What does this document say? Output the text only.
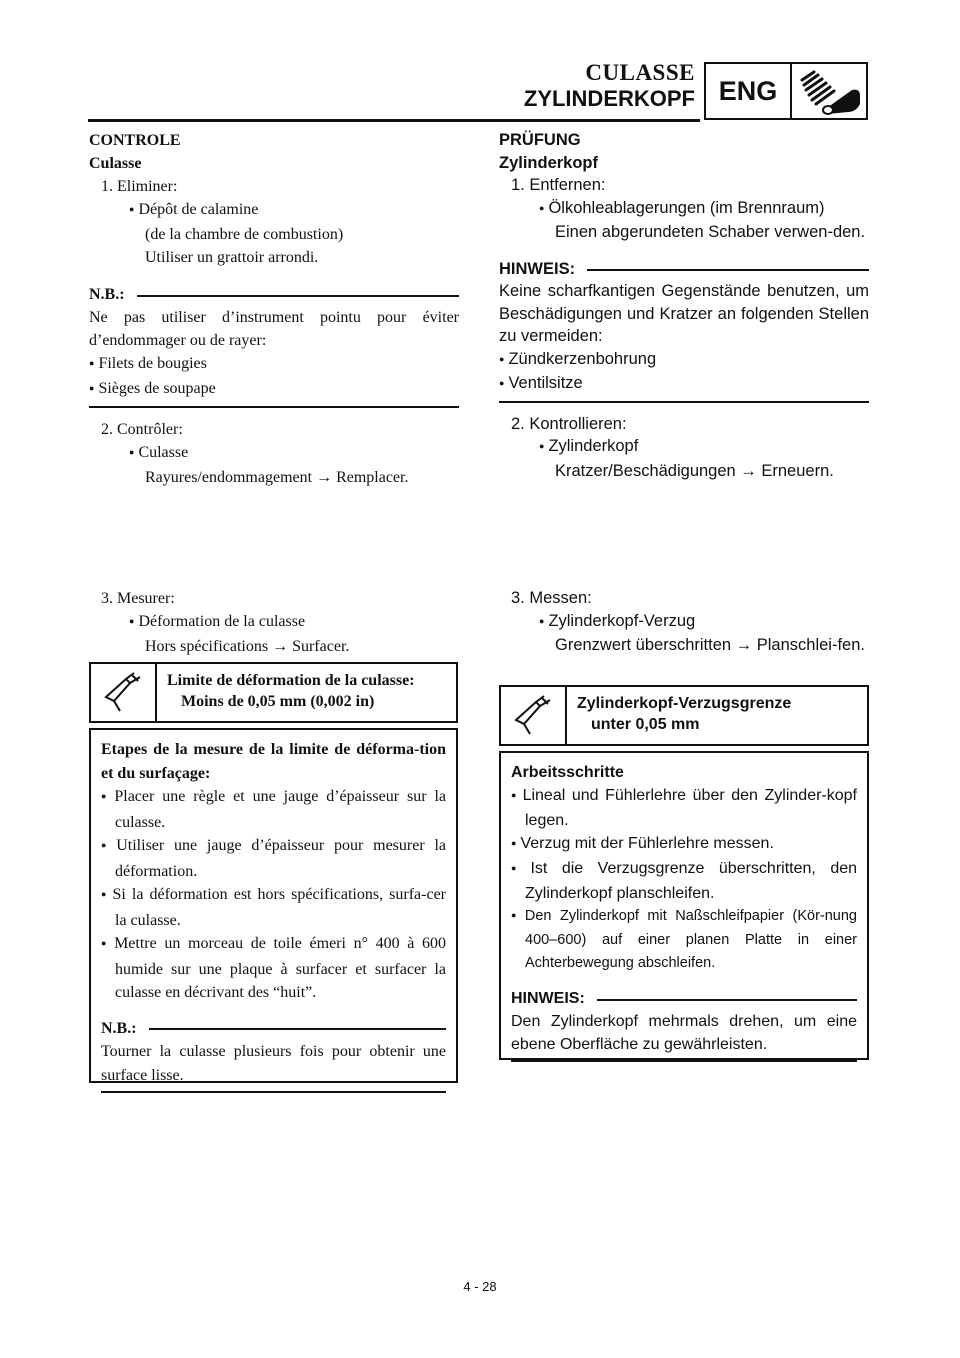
CULASSE
ZYLINDERKOPF ENG
CONTROLE
Culasse
1. Eliminer:
● Dépôt de calamine
(de la chambre de combustion)
Utiliser un grattoir arrondi.
N.B.:
Ne pas utiliser d’instrument pointu pour éviter d’endommager ou de rayer:
● Filets de bougies
● Sièges de soupape
2. Contrôler:
● Culasse
Rayures/endommagement → Remplacer.
3. Mesurer:
● Déformation de la culasse
Hors spécifications → Surfacer.
Limite de déformation de la culasse:
Moins de 0,05 mm (0,002 in)
Etapes de la mesure de la limite de déforma-tion et du surfaçage:
● Placer une règle et une jauge d’épaisseur sur la culasse.
● Utiliser une jauge d’épaisseur pour mesurer la déformation.
● Si la déformation est hors spécifications, surfa-cer la culasse.
● Mettre un morceau de toile émeri n° 400 à 600 humide sur une plaque à surfacer et surfacer la culasse en décrivant des “huit”.
N.B.:
Tourner la culasse plusieurs fois pour obtenir une surface lisse.
PRÜFUNG
Zylinderkopf
1. Entfernen:
● Ölkohleablagerungen (im Brennraum)
Einen abgerundeten Schaber verwen-den.
HINWEIS:
Keine scharfkantigen Gegenstände benutzen, um Beschädigungen und Kratzer an folgenden Stellen zu vermeiden:
● Zündkerzenbohrung
● Ventilsitze
2. Kontrollieren:
● Zylinderkopf
Kratzer/Beschädigungen → Erneuern.
3. Messen:
● Zylinderkopf-Verzug
Grenzwert überschritten → Planschlei-fen.
Zylinderkopf-Verzugsgrenze
unter 0,05 mm
Arbeitsschritte
● Lineal und Fühlerlehre über den Zylinder-kopf legen.
● Verzug mit der Fühlerlehre messen.
● Ist die Verzugsgrenze überschritten, den Zylinderkopf planschleifen.
● Den Zylinderkopf mit Naßschleifpapier (Kör-nung 400–600) auf einer planen Platte in einer Achterbewegung abschleifen.
HINWEIS:
Den Zylinderkopf mehrmals drehen, um eine ebene Oberfläche zu gewährleisten.
4 - 28
